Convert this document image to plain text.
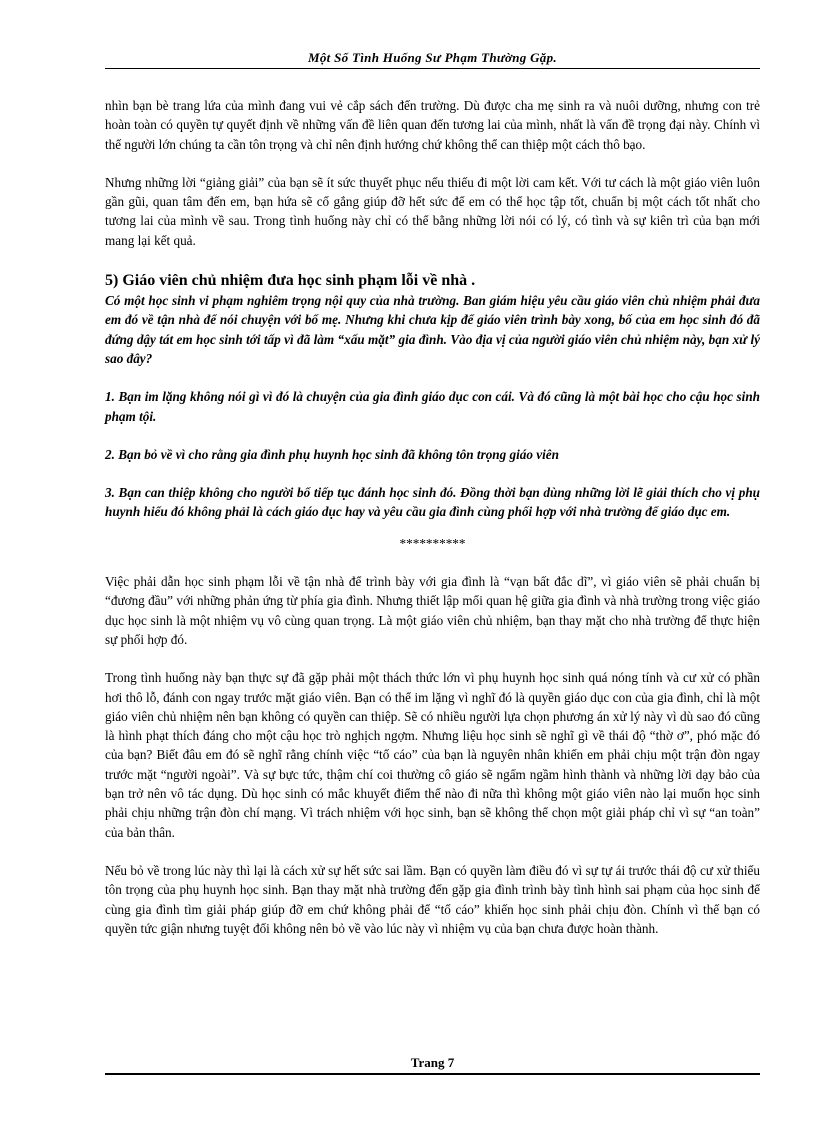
Một Số Tình Huống Sư Phạm Thường Gặp.

nhìn bạn bè trang lứa của mình đang vui vẻ cắp sách đến trường. Dù được cha mẹ sinh ra và nuôi dưỡng, nhưng con trẻ hoàn toàn có quyền tự quyết định về những vấn đề liên quan đến tương lai của mình, nhất là vấn đề trọng đại này. Chính vì thế người lớn chúng ta cần tôn trọng và chỉ nên định hướng chứ không thể can thiệp một cách thô bạo.

Nhưng những lời “giảng giải” của bạn sẽ ít sức thuyết phục nếu thiếu đi một lời cam kết. Với tư cách là một giáo viên luôn gần gũi, quan tâm đến em, bạn hứa sẽ cố gắng giúp đỡ hết sức để em có thể học tập tốt, chuẩn bị một cách tốt nhất cho tương lai của mình về sau. Trong tình huống này chỉ có thể bằng những lời nói có lý, có tình và sự kiên trì của bạn mới mang lại kết quả.

5) Giáo viên chủ nhiệm đưa học sinh phạm lỗi về nhà .

Có một học sinh vi phạm nghiêm trọng nội quy của nhà trường. Ban giám hiệu yêu cầu giáo viên chủ nhiệm phải đưa em đó về tận nhà để nói chuyện với bố mẹ. Nhưng khi chưa kịp để giáo viên trình bày xong, bố của em học sinh đó đã đứng dậy tát em học sinh tới tấp vì đã làm “xấu mặt” gia đình. Vào địa vị của người giáo viên chủ nhiệm này, bạn xử lý sao đây?

1. Bạn im lặng không nói gì vì đó là chuyện của gia đình giáo dục con cái. Và đó cũng là một bài học cho cậu học sinh phạm tội.

2. Bạn bỏ về vì cho rằng gia đình phụ huynh học sinh đã không tôn trọng giáo viên

3. Bạn can thiệp không cho người bố tiếp tục đánh học sinh đó. Đồng thời bạn dùng những lời lẽ giải thích cho vị phụ huynh hiểu đó không phải là cách giáo dục hay và yêu cầu gia đình cùng phối hợp với nhà trường để giáo dục em.

**********

Việc phải dẫn học sinh phạm lỗi về tận nhà để trình bày với gia đình là “vạn bất đắc dĩ”, vì giáo viên sẽ phải chuẩn bị “đương đầu” với những phản ứng từ phía gia đình. Nhưng thiết lập mối quan hệ giữa gia đình và nhà trường trong việc giáo dục học sinh là một nhiệm vụ vô cùng quan trọng. Là một giáo viên chủ nhiệm, bạn thay mặt cho nhà trường để thực hiện sự phối hợp đó.

Trong tình huống này bạn thực sự đã gặp phải một thách thức lớn vì phụ huynh học sinh quá nóng tính và cư xử có phần hơi thô lỗ, đánh con ngay trước mặt giáo viên. Bạn có thể im lặng vì nghĩ đó là quyền giáo dục con của gia đình, chỉ là một giáo viên chủ nhiệm nên bạn không có quyền can thiệp. Sẽ có nhiều người lựa chọn phương án xử lý này vì dù sao đó cũng là hình phạt thích đáng cho một cậu học trò nghịch ngợm. Nhưng liệu học sinh sẽ nghĩ gì về thái độ “thờ ơ”, phó mặc đó của bạn? Biết đâu em đó sẽ nghĩ rằng chính việc “tố cáo” của bạn là nguyên nhân khiến em phải chịu một trận đòn ngay trước mặt “người ngoài”. Và sự bực tức, thậm chí coi thường cô giáo sẽ ngấm ngầm hình thành và những lời dạy bảo của bạn trở nên vô tác dụng. Dù học sinh có mắc khuyết điểm thế nào đi nữa thì không một giáo viên nào lại muốn học sinh phải chịu những trận đòn chí mạng. Vì trách nhiệm với học sinh, bạn sẽ không thể chọn một giải pháp chỉ vì sự “an toàn” của bản thân.

Nếu bỏ về trong lúc này thì lại là cách xử sự hết sức sai lầm. Bạn có quyền làm điều đó vì sự tự ái trước thái độ cư xử thiếu tôn trọng của phụ huynh học sinh. Bạn thay mặt nhà trường đến gặp gia đình trình bày tình hình sai phạm của học sinh để cùng gia đình tìm giải pháp giúp đỡ em chứ không phải để “tố cáo” khiến học sinh phải chịu đòn. Chính vì thế bạn có quyền tức giận nhưng tuyệt đối không nên bỏ về vào lúc này vì nhiệm vụ của bạn chưa được hoàn thành.

Trang 7
